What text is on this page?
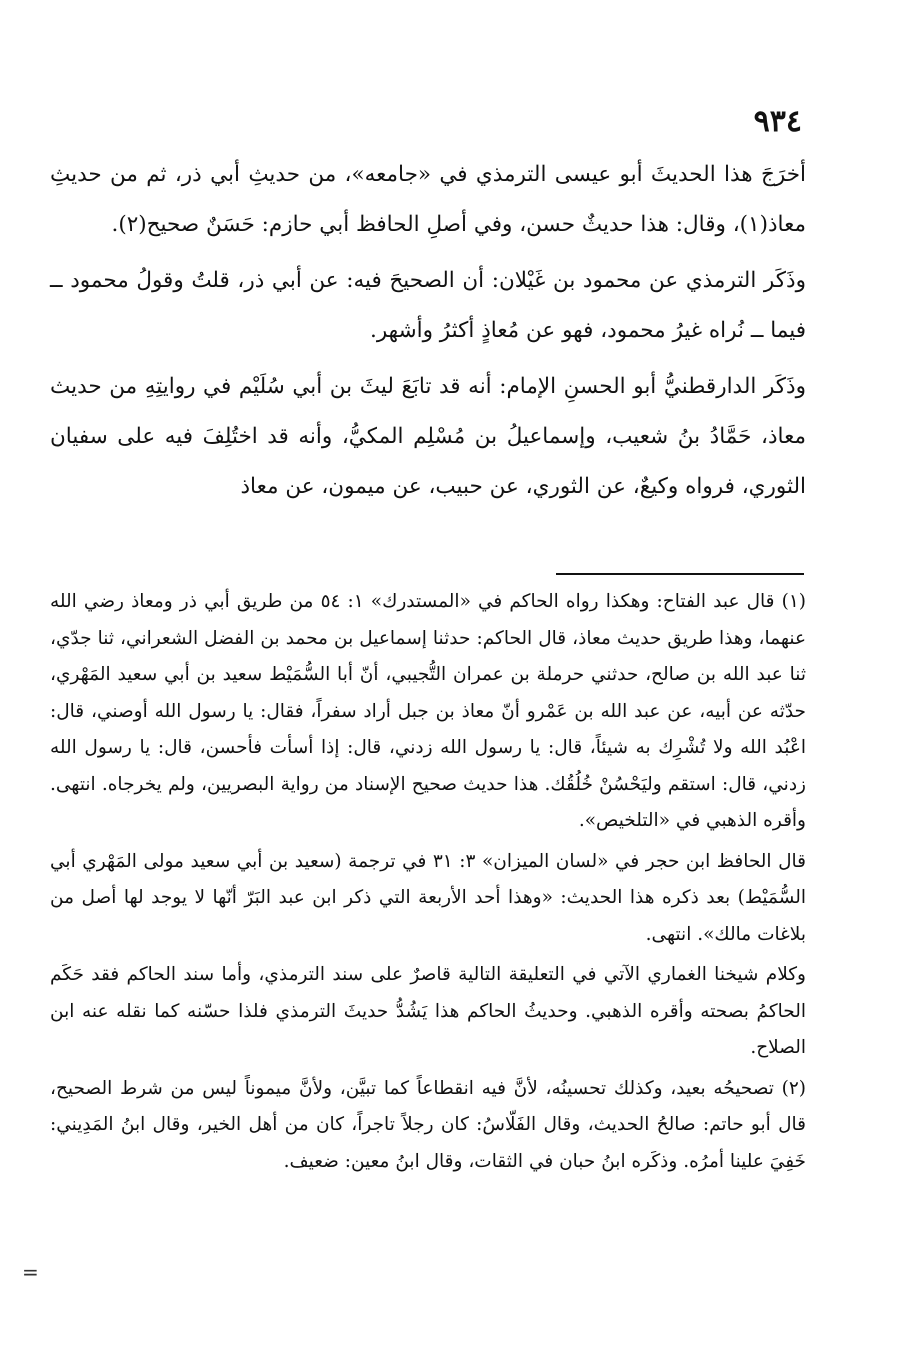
٩٣٤

أخرَجَ هذا الحديثَ أبو عيسى الترمذي في «جامعه»، من حديثِ أبي ذر، ثم من حديثِ معاذ(١)، وقال: هذا حديثٌ حسن، وفي أصلِ الحافظ أبي حازم: حَسَنٌ صحيح(٢).

وذَكَر الترمذي عن محمود بن غَيْلان: أن الصحيحَ فيه: عن أبي ذر، قلتُ وقولُ محمود ــ فيما ــ نُراه غيرُ محمود، فهو عن مُعاذٍ أكثرُ وأشهر.

وذَكَر الدارقطنيُّ أبو الحسنِ الإمام: أنه قد تابَعَ ليثَ بن أبي سُلَيْم في روايتِهِ من حديث معاذ، حَمَّادُ بنُ شعيب، وإسماعيلُ بن مُسْلِم المكيُّ، وأنه قد اختُلِفَ فيه على سفيان الثوري، فرواه وكيعٌ، عن الثوري، عن حبيب، عن ميمون، عن معاذ

(١) قال عبد الفتاح: وهكذا رواه الحاكم في «المستدرك» ١: ٥٤ من طريق أبي ذر ومعاذ رضي الله عنهما، وهذا طريق حديث معاذ، قال الحاكم: حدثنا إسماعيل بن محمد بن الفضل الشعراني، ثنا جدّي، ثنا عبد الله بن صالح، حدثني حرملة بن عمران التُّجيبي، أنّ أبا السُّمَيْط سعيد بن أبي سعيد المَهْري، حدّثه عن أبيه، عن عبد الله بن عَمْرو أنّ معاذ بن جبل أراد سفراً، فقال: يا رسول الله أوصني، قال: اعْبُد الله ولا تُشْرِك به شيئاً، قال: يا رسول الله زدني، قال: إذا أسأت فأحسن، قال: يا رسول الله زدني، قال: استقم وليَحْسُنْ خُلُقُك. هذا حديث صحيح الإسناد من رواية البصريين، ولم يخرجاه. انتهى. وأقره الذهبي في «التلخيص».

قال الحافظ ابن حجر في «لسان الميزان» ٣: ٣١ في ترجمة (سعيد بن أبي سعيد مولى المَهْري أبي السُّمَيْط) بعد ذكره هذا الحديث: «وهذا أحد الأربعة التي ذكر ابن عبد البَرّ أنّها لا يوجد لها أصل من بلاغات مالك». انتهى.

وكلام شيخنا الغماري الآتي في التعليقة التالية قاصرٌ على سند الترمذي، وأما سند الحاكم فقد حَكَم الحاكمُ بصحته وأقره الذهبي. وحديثُ الحاكم هذا يَشُدُّ حديثَ الترمذي فلذا حسّنه كما نقله عنه ابن الصلاح.

(٢) تصحيحُه بعيد، وكذلك تحسينُه، لأنَّ فيه انقطاعاً كما تبيَّن، ولأنَّ ميموناً ليس من شرط الصحيح، قال أبو حاتم: صالحُ الحديث، وقال الفَلّاسُ: كان رجلاً تاجراً، كان من أهل الخير، وقال ابنُ المَدِيني: خَفِيَ علينا أمرُه. وذكَره ابنُ حبان في الثقات، وقال ابنُ معين: ضعيف.

=
